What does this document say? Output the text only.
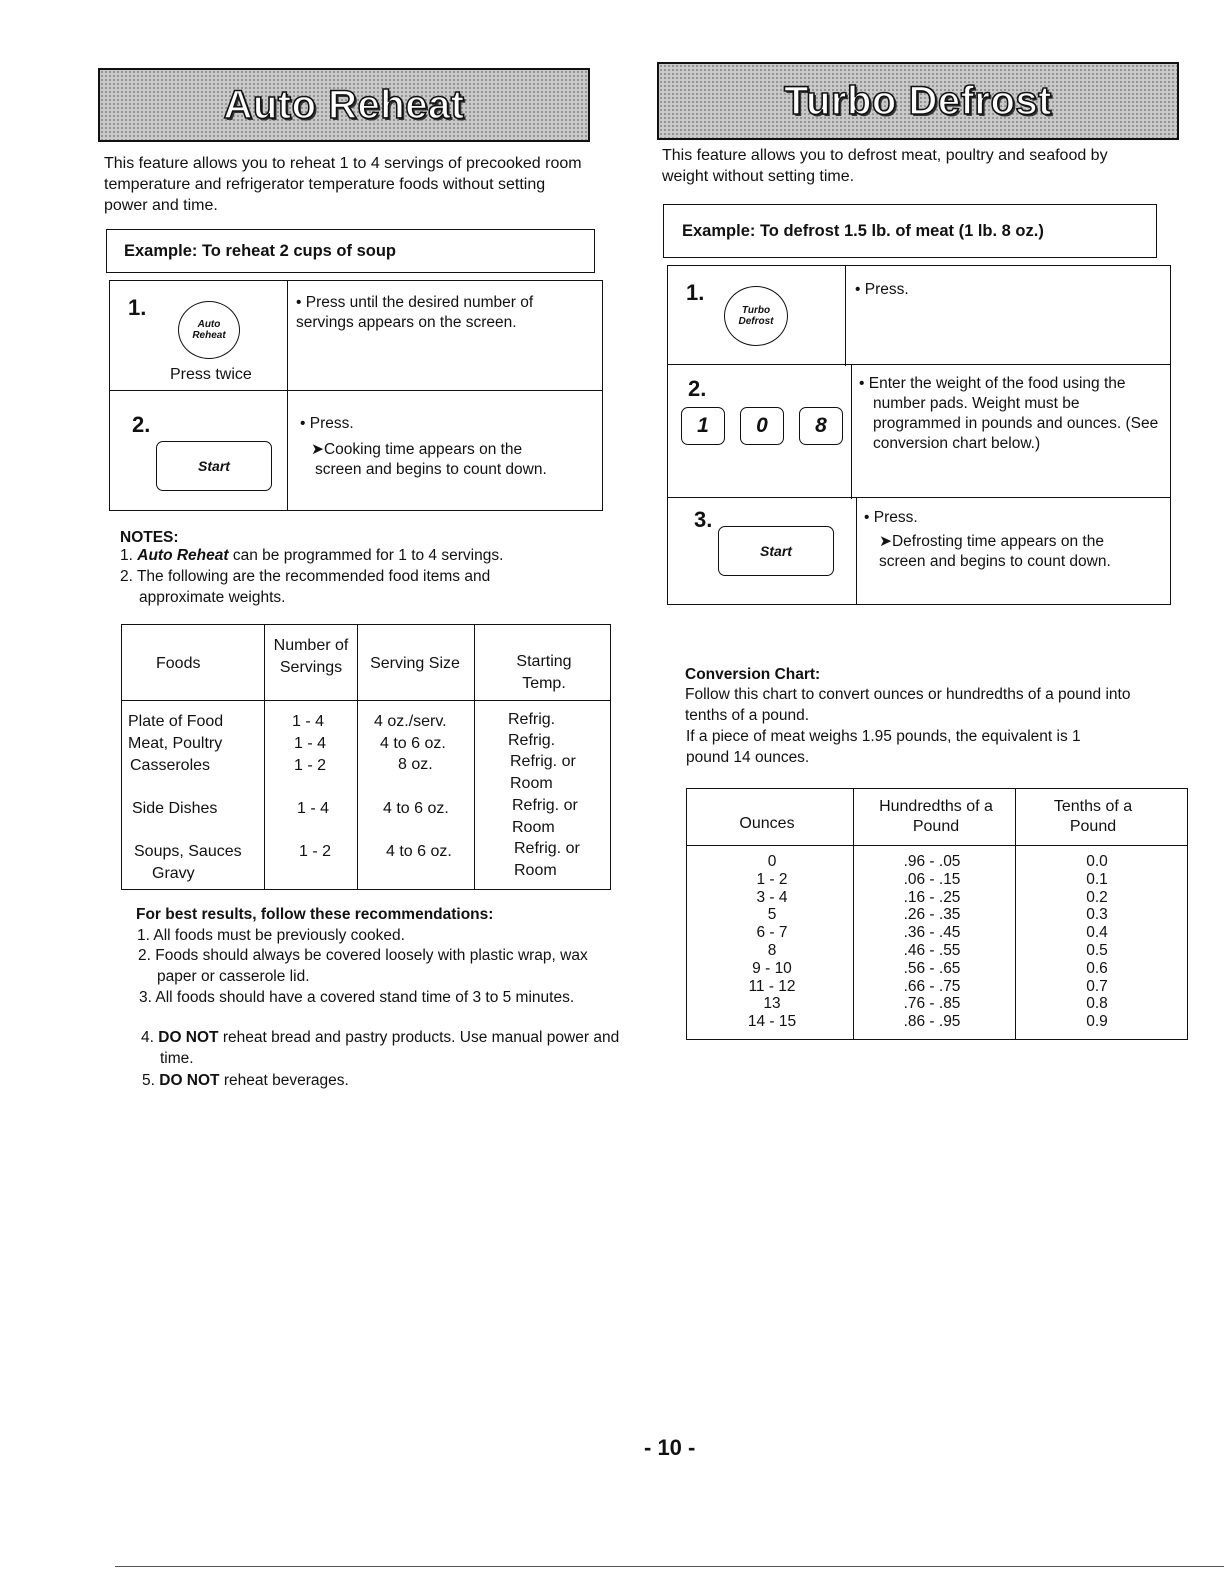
Auto Reheat
This feature allows you to reheat 1 to 4 servings of precooked room temperature and refrigerator temperature foods without setting power and time.
Example: To reheat 2 cups of soup
1.
Auto
Reheat
Press twice
• Press until the desired number of servings appears on the screen.
2.
Start
• Press.
➤Cooking time appears on the screen and begins to count down.
NOTES:
1. Auto Reheat can be programmed for 1 to 4 servings.
2. The following are the recommended food items and approximate weights.
Foods
Number of Servings	Serving Size	Starting Temp.
Plate of Food
Meat, Poultry
Casseroles
Side Dishes
Soups, Sauces
Gravy
1 - 4
1 - 4
1 - 2
1 - 4
1 - 2
4 oz./serv.
4 to 6 oz.
8 oz.
4 to 6 oz.
4 to 6 oz.
Refrig.
Refrig.
Refrig. or
Room
Refrig. or
Room
Refrig. or
Room
For best results, follow these recommendations:
1. All foods must be previously cooked.
2. Foods should always be covered loosely with plastic wrap, wax paper or casserole lid.
3. All foods should have a covered stand time of 3 to 5 minutes.
4. DO NOT reheat bread and pastry products. Use manual power and time.
5. DO NOT reheat beverages.
Turbo Defrost
This feature allows you to defrost meat, poultry and seafood by weight without setting time.
Example: To defrost 1.5 lb. of meat (1 lb. 8 oz.)
1.
Turbo
Defrost
• Press.
2.
1 0 8
• Enter the weight of the food using the number pads. Weight must be programmed in pounds and ounces. (See conversion chart below.)
3.
Start
• Press.
➤Defrosting time appears on the screen and begins to count down.
Conversion Chart:
Follow this chart to convert ounces or hundredths of a pound into tenths of a pound.
If a piece of meat weighs 1.95 pounds, the equivalent is 1 pound 14 ounces.
Ounces
Hundredths of a Pound
Tenths of a Pound
0
1 - 2
3 - 4
5
6 - 7
8
9 - 10
11 - 12
13
14 - 15
.96 - .05
.06 - .15
.16 - .25
.26 - .35
.36 - .45
.46 - .55
.56 - .65
.66 - .75
.76 - .85
.86 - .95
0.0
0.1
0.2
0.3
0.4
0.5
0.6
0.7
0.8
0.9
- 10 -
